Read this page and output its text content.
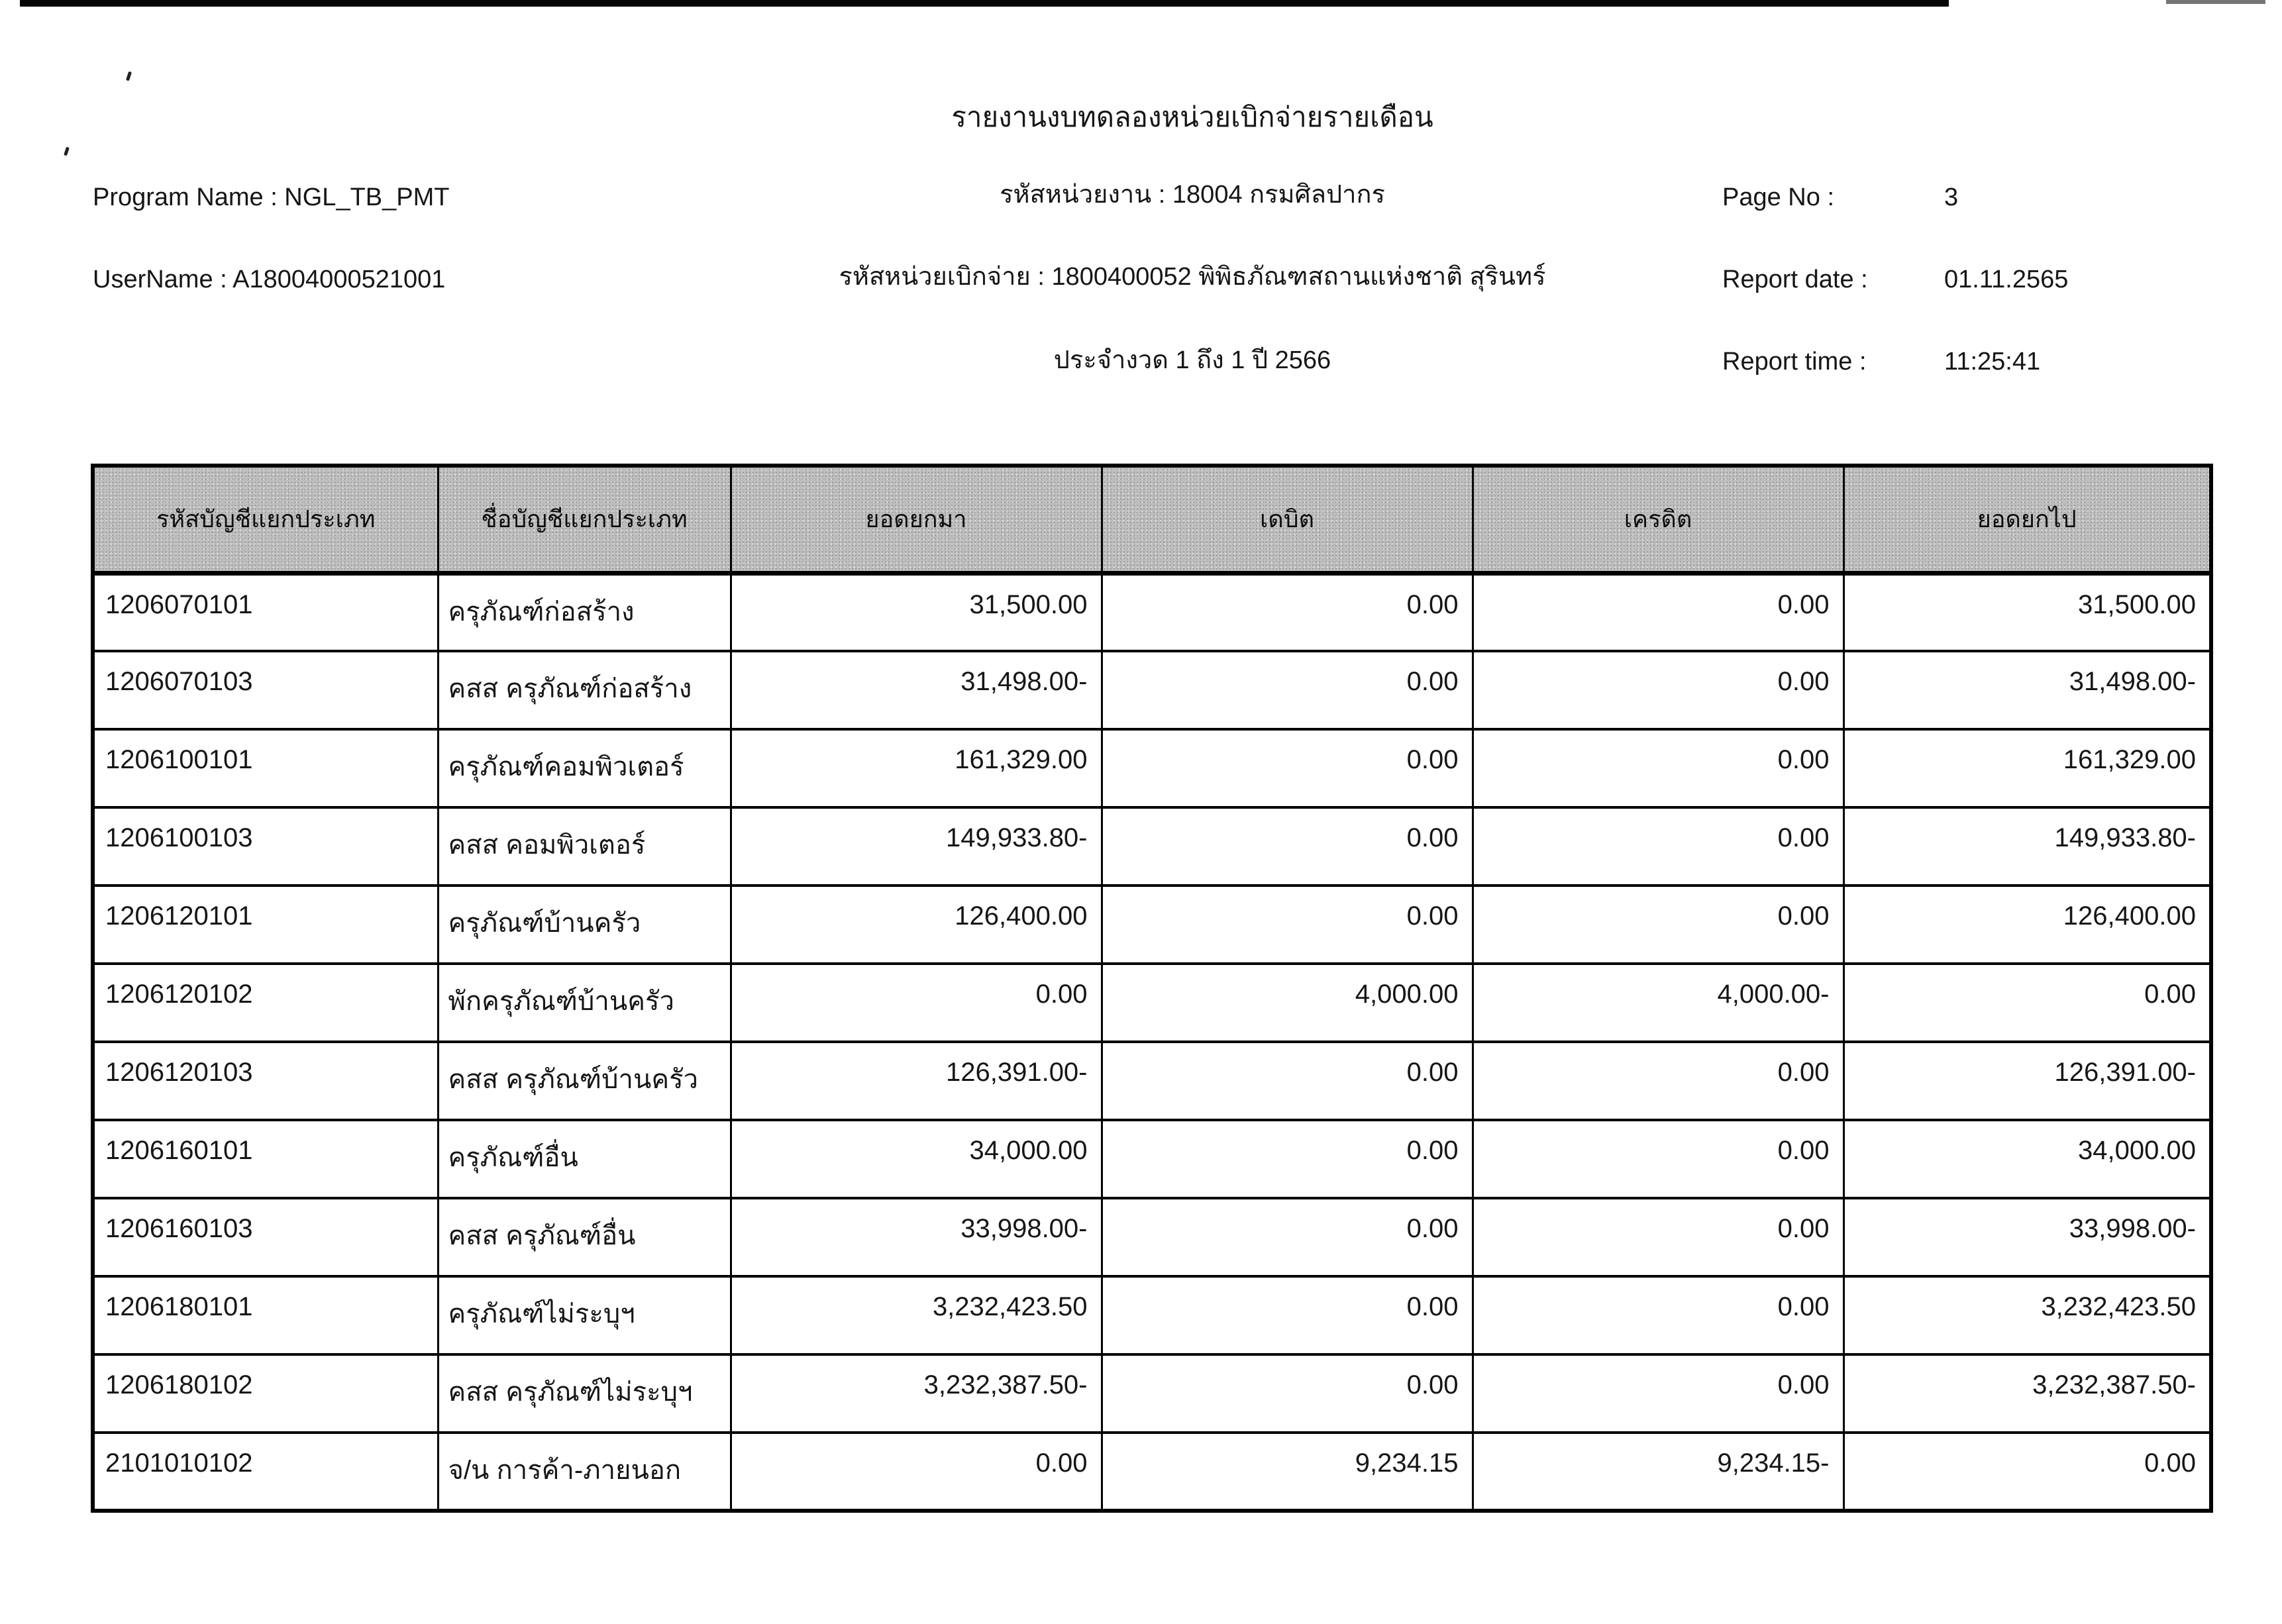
รายงานงบทดลองหน่วยเบิกจ่ายรายเดือน
Program Name : NGL_TB_PMT	รหัสหน่วยงาน : 18004 กรมศิลปากร	Page No :	3
UserName : A18004000521001	รหัสหน่วยเบิกจ่าย : 1800400052 พิพิธภัณฑสถานแห่งชาติ สุรินทร์	Report date :	01.11.2565
ประจำงวด 1 ถึง 1 ปี 2566	Report time :	11:25:41
รหัสบัญชีแยกประเภท	ชื่อบัญชีแยกประเภท	ยอดยกมา	เดบิต	เครดิต	ยอดยกไป
1206070101	ครุภัณฑ์ก่อสร้าง	31,500.00	0.00	0.00	31,500.00
1206070103	คสส ครุภัณฑ์ก่อสร้าง	31,498.00-	0.00	0.00	31,498.00-
1206100101	ครุภัณฑ์คอมพิวเตอร์	161,329.00	0.00	0.00	161,329.00
1206100103	คสส คอมพิวเตอร์	149,933.80-	0.00	0.00	149,933.80-
1206120101	ครุภัณฑ์บ้านครัว	126,400.00	0.00	0.00	126,400.00
1206120102	พักครุภัณฑ์บ้านครัว	0.00	4,000.00	4,000.00-	0.00
1206120103	คสส ครุภัณฑ์บ้านครัว	126,391.00-	0.00	0.00	126,391.00-
1206160101	ครุภัณฑ์อื่น	34,000.00	0.00	0.00	34,000.00
1206160103	คสส ครุภัณฑ์อื่น	33,998.00-	0.00	0.00	33,998.00-
1206180101	ครุภัณฑ์ไม่ระบุฯ	3,232,423.50	0.00	0.00	3,232,423.50
1206180102	คสส ครุภัณฑ์ไม่ระบุฯ	3,232,387.50-	0.00	0.00	3,232,387.50-
2101010102	จ/น การค้า-ภายนอก	0.00	9,234.15	9,234.15-	0.00
